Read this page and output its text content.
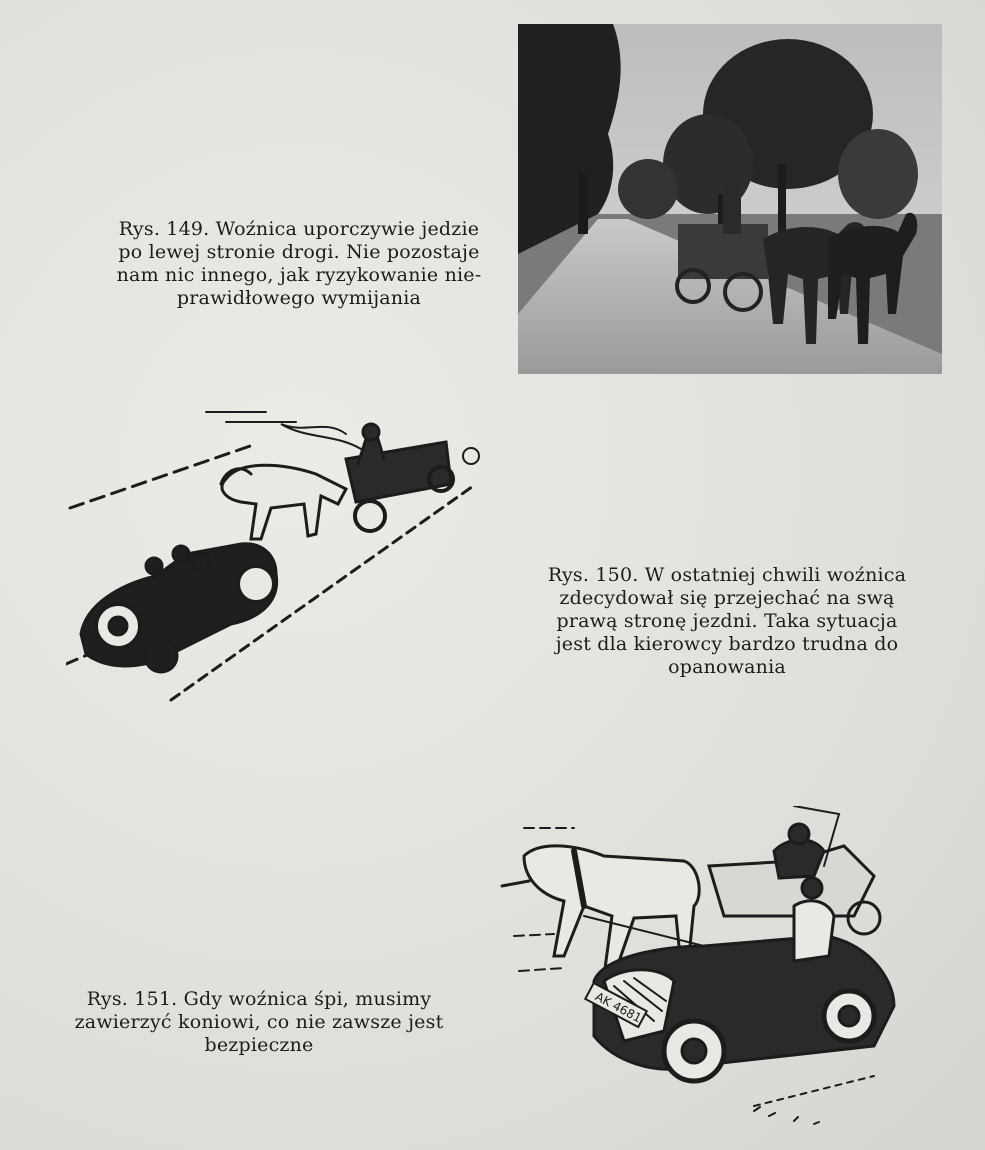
Rys. 149. Woźnica uporczywie jedzie
po lewej stronie drogi. Nie pozostaje
nam nic innego, jak ryzykowanie nie-
prawidłowego wymijania
Rys. 150. W ostatniej chwili woźnica
zdecydował się przejechać na swą
prawą stronę jezdni. Taka sytuacja
jest dla kierowcy bardzo trudna do
opanowania
AK 4681
Rys. 151. Gdy woźnica śpi, musimy
zawierzyć koniowi, co nie zawsze jest
bezpieczne
